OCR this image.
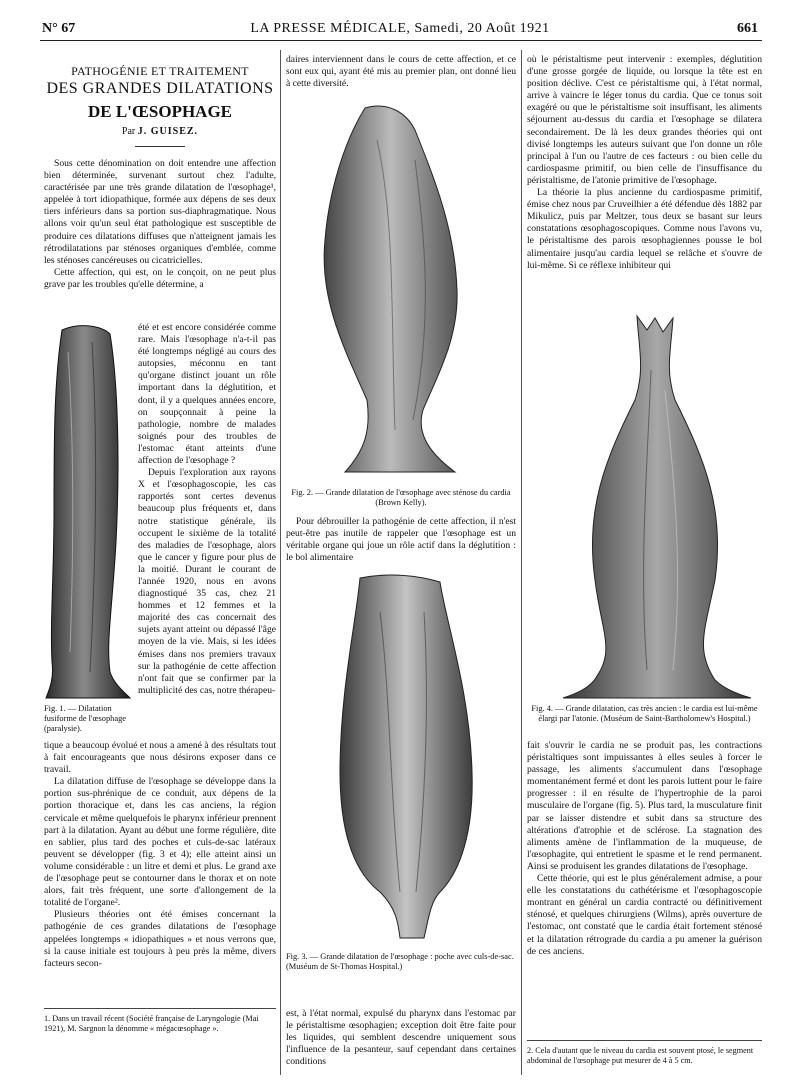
N° 67	LA PRESSE MÉDICALE, Samedi, 20 Août 1921	661
PATHOGÉNIE ET TRAITEMENT
DES GRANDES DILATATIONS
DE L'ŒSOPHAGE
Par J. GUISEZ.

Sous cette dénomination on doit entendre une affection bien déterminée, survenant surtout chez l'adulte, caractérisée par une très grande dilatation de l'œsophage¹, appelée à tort idiopathique, formée aux dépens de ses deux tiers inférieurs dans sa portion sus-diaphragmatique. Nous allons voir qu'un seul état pathologique est susceptible de produire ces dilatations diffuses que n'atteignent jamais les rétrodilatations par sténoses organiques d'emblée, comme les sténoses cancéreuses ou cicatricielles.

Cette affection, qui est, on le conçoit, on ne peut plus grave par les troubles qu'elle détermine, a

été et est encore considérée comme rare. Mais l'œsophage n'a-t-il pas été longtemps négligé au cours des autopsies, méconnu en tant qu'organe distinct jouant un rôle important dans la déglutition, et dont, il y a quelques années encore, on soupçonnait à peine la pathologie, nombre de malades soignés pour des troubles de l'estomac étant atteints d'une affection de l'œsophage ?

Depuis l'exploration aux rayons X et l'œsophagoscopie, les cas rapportés sont certes devenus beaucoup plus fréquents et, dans notre statistique générale, ils occupent le sixième de la totalité des maladies de l'œsophage, alors que le cancer y figure pour plus de la moitié. Durant le courant de l'année 1920, nous en avons diagnostiqué 35 cas, chez 21 hommes et 12 femmes et la majorité des cas concernait des sujets ayant atteint ou dépassé l'âge moyen de la vie. Mais, si les idées émises dans nos premiers travaux sur la pathogénie de cette affection n'ont fait que se confirmer par la multiplicité des cas, notre thérapeu-

Fig. 1. — Dilatation fusiforme de l'œsophage (paralysie).

tique a beaucoup évolué et nous a amené à des résultats tout à fait encourageants que nous désirons exposer dans ce travail.

La dilatation diffuse de l'œsophage se développe dans la portion sus-phrénique de ce conduit, aux dépens de la portion thoracique et, dans les cas anciens, la région cervicale et même quelquefois le pharynx inférieur prennent part à la dilatation. Ayant au début une forme régulière, dite en sablier, plus tard des poches et culs-de-sac latéraux peuvent se développer (fig. 3 et 4); elle atteint ainsi un volume considérable : un litre et demi et plus. Le grand axe de l'œsophage peut se contourner dans le thorax et on note alors, fait très fréquent, une sorte d'allongement de la totalité de l'organe².

Plusieurs théories ont été émises concernant la pathogénie de ces grandes dilatations de l'œsophage appelées longtemps « idiopathiques » et nous verrons que, si la cause initiale est toujours à peu près la même, divers facteurs secon-

1. Dans un travail récent (Société française de Laryngologie (Mai 1921), M. Sargnon la dénomme « mégacœsophage ».

daires interviennent dans le cours de cette affection, et ce sont eux qui, ayant été mis au premier plan, ont donné lieu à cette diversité.

Fig. 2. — Grande dilatation de l'œsophage avec sténose du cardia (Brown Kelly).

Pour débrouiller la pathogénie de cette affection, il n'est peut-être pas inutile de rappeler que l'œsophage est un véritable organe qui joue un rôle actif dans la déglutition : le bol alimentaire

Fig. 3. — Grande dilatation de l'œsophage : poche avec culs-de-sac. (Muséum de St-Thomas Hospital.)

est, à l'état normal, expulsé du pharynx dans l'estomac par le péristaltisme œsophagien; exception doit être faite pour les liquides, qui semblent descendre uniquement sous l'influence de la pesanteur, sauf cependant dans certaines conditions

où le péristaltisme peut intervenir : exemples, déglutition d'une grosse gorgée de liquide, ou lorsque la tête est en position déclive. C'est ce péristaltisme qui, à l'état normal, arrive à vaincre le léger tonus du cardia. Que ce tonus soit exagéré ou que le péristaltisme soit insuffisant, les aliments séjournent au-dessus du cardia et l'œsophage se dilatera secondairement. De là les deux grandes théories qui ont divisé longtemps les auteurs suivant que l'on donne un rôle principal à l'un ou l'autre de ces facteurs : ou bien celle du cardiospasme primitif, ou bien celle de l'insuffisance du péristaltisme, de l'atonie primitive de l'œsophage.

La théorie la plus ancienne du cardiospasme primitif, émise chez nous par Cruveilhier a été défendue dès 1882 par Mikulicz, puis par Meltzer, tous deux se basant sur leurs constatations œsophagoscopiques. Comme nous l'avons vu, le péristaltisme des parois œsophagiennes pousse le bol alimentaire jusqu'au cardia lequel se relâche et s'ouvre de lui-même. Si ce réflexe inhibiteur qui

Fig. 4. — Grande dilatation, cas très ancien : le cardia est lui-même élargi par l'atonie. (Muséum de Saint-Bartholomew's Hospital.)

fait s'ouvrir le cardia ne se produit pas, les contractions péristaltiques sont impuissantes à elles seules à forcer le passage, les aliments s'accumulent dans l'œsophage momentanément fermé et dont les parois luttent pour le faire progresser : il en résulte de l'hypertrophie de la paroi musculaire de l'organe (fig. 5). Plus tard, la musculature finit par se laisser distendre et subit dans sa structure des altérations d'atrophie et de sclérose. La stagnation des aliments amène de l'inflammation de la muqueuse, de l'œsophagite, qui entretient le spasme et le rend permanent. Ainsi se produisent les grandes dilatations de l'œsophage.

Cette théorie, qui est le plus généralement admise, a pour elle les constatations du cathétérisme et l'œsophagoscopie montrant en général un cardia contracté ou définitivement sténosé, et quelques chirurgiens (Wilms), après ouverture de l'estomac, ont constaté que le cardia était fortement sténosé et la dilatation rétrograde du cardia a pu amener la guérison de ces anciens.

2. Cela d'autant que le niveau du cardia est souvent ptosé, le segment abdominal de l'œsophage put mesurer de 4 à 5 cm.
